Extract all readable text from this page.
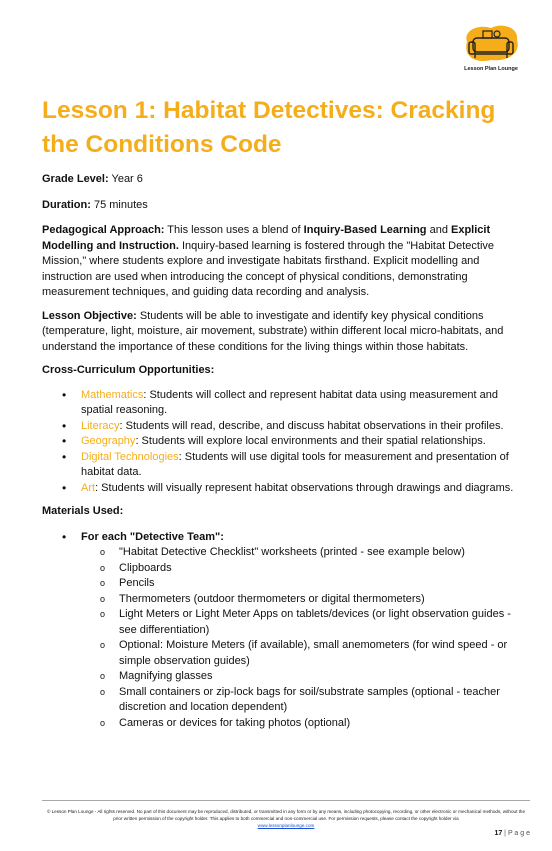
Lesson Plan Lounge
Lesson 1: Habitat Detectives: Cracking the Conditions Code

Grade Level: Year 6

Duration: 75 minutes

Pedagogical Approach: This lesson uses a blend of Inquiry-Based Learning and Explicit Modelling and Instruction. Inquiry-based learning is fostered through the "Habitat Detective Mission," where students explore and investigate habitats firsthand. Explicit modelling and instruction are used when introducing the concept of physical conditions, demonstrating measurement techniques, and guiding data recording and analysis.

Lesson Objective: Students will be able to investigate and identify key physical conditions (temperature, light, moisture, air movement, substrate) within different local micro-habitats, and understand the importance of these conditions for the living things within those habitats.

Cross-Curriculum Opportunities:

• Mathematics: Students will collect and represent habitat data using measurement and spatial reasoning.
• Literacy: Students will read, describe, and discuss habitat observations in their profiles.
• Geography: Students will explore local environments and their spatial relationships.
• Digital Technologies: Students will use digital tools for measurement and presentation of habitat data.
• Art: Students will visually represent habitat observations through drawings and diagrams.

Materials Used:

• For each "Detective Team":
o "Habitat Detective Checklist" worksheets (printed - see example below)
o Clipboards
o Pencils
o Thermometers (outdoor thermometers or digital thermometers)
o Light Meters or Light Meter Apps on tablets/devices (or light observation guides - see differentiation)
o Optional: Moisture Meters (if available), small anemometers (for wind speed - or simple observation guides)
o Magnifying glasses
o Small containers or zip-lock bags for soil/substrate samples (optional - teacher discretion and location dependent)
o Cameras or devices for taking photos (optional)
© Lesson Plan Lounge - All rights reserved. No part of this document may be reproduced, distributed, or transmitted in any form or by any means, including photocopying, recording, or other electronic or mechanical methods, without the prior written permission of the copyright holder. This applies to both commercial and non-commercial use. For permission requests, please contact the copyright holder via
www.lessonplanlounge.com
17 | P a g e
